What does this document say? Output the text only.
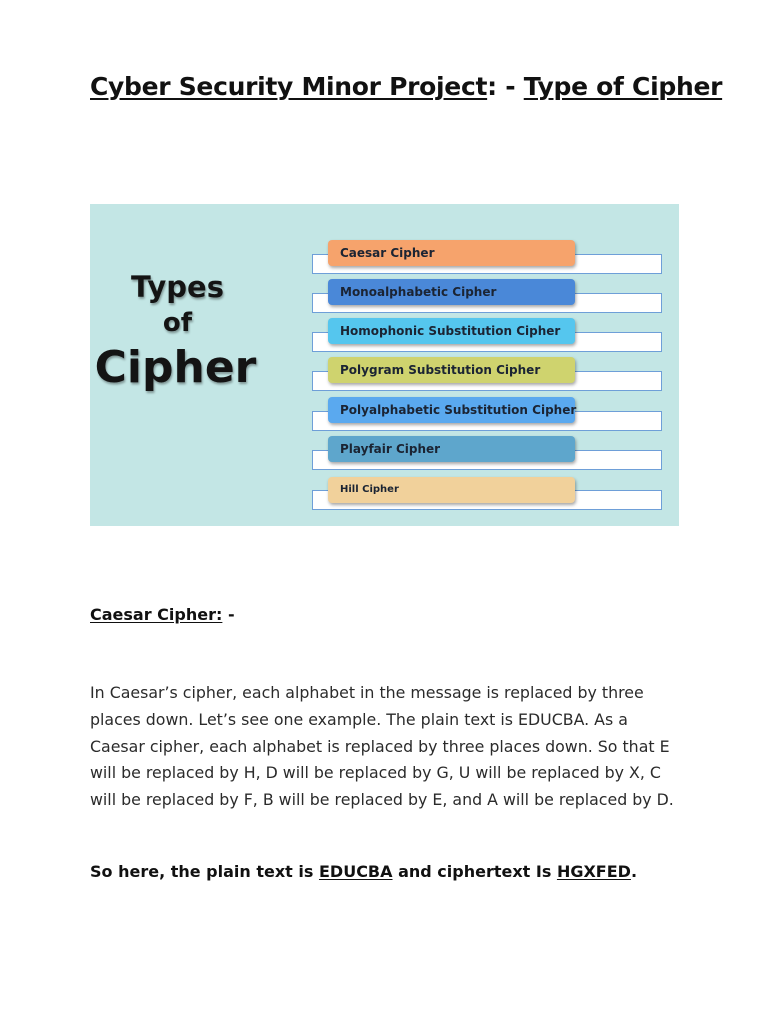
Cyber Security Minor Project: - Type of Cipher
Types
of
Cipher
Caesar Cipher
Monoalphabetic Cipher
Homophonic Substitution Cipher
Polygram Substitution Cipher
Polyalphabetic Substitution Cipher
Playfair Cipher
Hill Cipher
Caesar Cipher: -
In Caesar’s cipher, each alphabet in the message is replaced by three
places down. Let’s see one example. The plain text is EDUCBA. As a
Caesar cipher, each alphabet is replaced by three places down. So that E
will be replaced by H, D will be replaced by G, U will be replaced by X, C
will be replaced by F, B will be replaced by E, and A will be replaced by D.
So here, the plain text is EDUCBA and ciphertext Is HGXFED.
